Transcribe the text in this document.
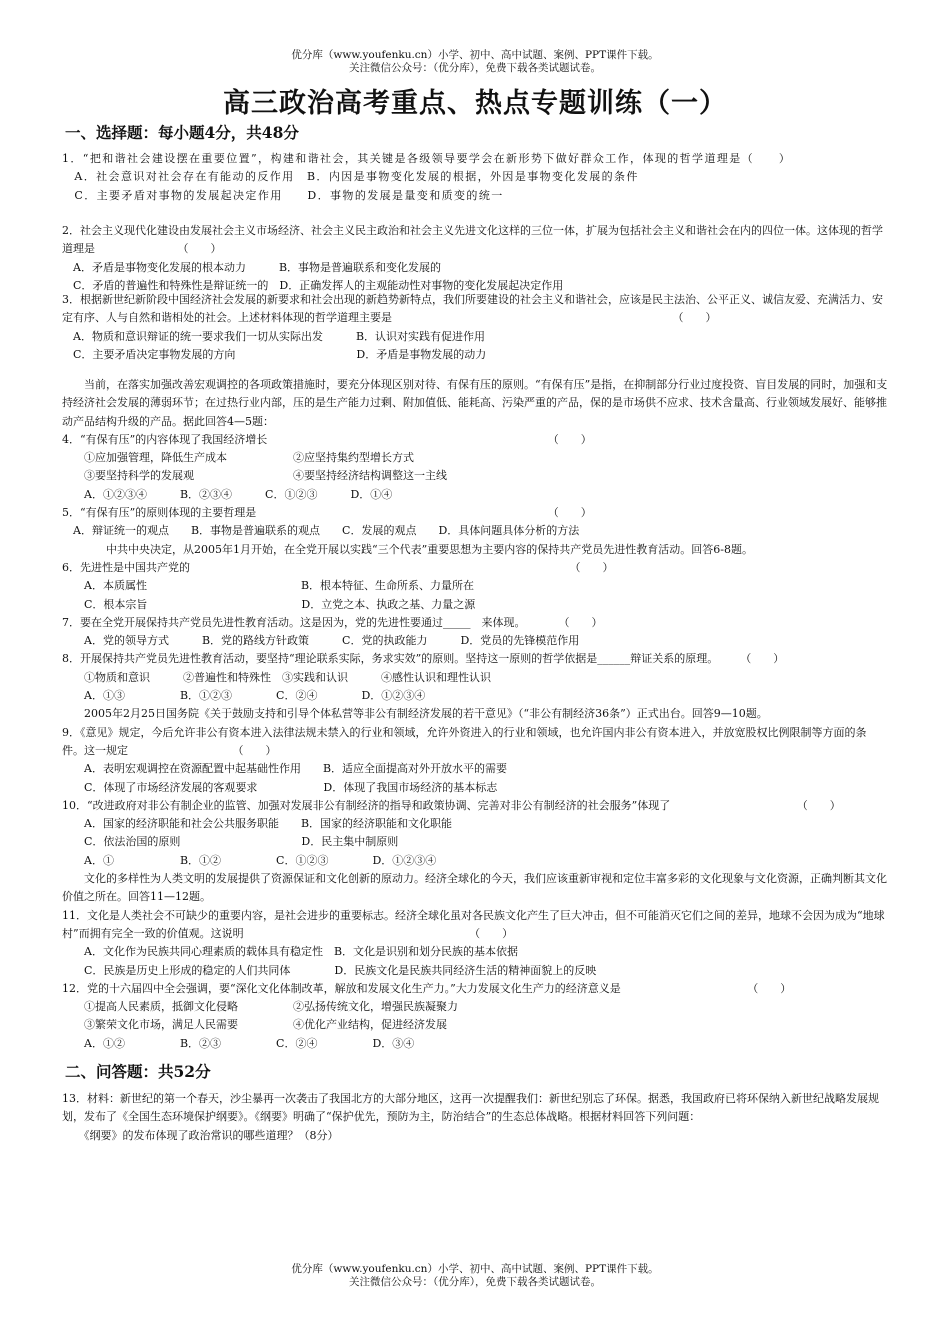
优分库（www.youfenku.cn）小学、初中、高中试题、案例、PPT课件下载。
关注微信公众号：（优分库），免费下载各类试题试卷。
高三政治高考重点、热点专题训练（一）
一、选择题：每小题4分，共48分
1．“把和谐社会建设摆在重要位置”，构建和谐社会，其关键是各级领导要学会在新形势下做好群众工作，体现的哲学道理是（　　）
　A．社会意识对社会存在有能动的反作用　B．内因是事物变化发展的根据，外因是事物变化发展的条件
　C．主要矛盾对事物的发展起决定作用　　D．事物的发展是量变和质变的统一
2．社会主义现代化建设由发展社会主义市场经济、社会主义民主政治和社会主义先进文化这样的三位一体，扩展为包括社会主义和谐社会在内的四位一体。这体现的哲学道理是　　　　　　　　（　　）
　A．矛盾是事物变化发展的根本动力　　　B．事物是普遍联系和变化发展的
　C．矛盾的普遍性和特殊性是辩证统一的　D．正确发挥人的主观能动性对事物的变化发展起决定作用
3．根据新世纪新阶段中国经济社会发展的新要求和社会出现的新趋势新特点，我们所要建设的社会主义和谐社会，应该是民主法治、公平正义、诚信友爱、充满活力、安定有序、人与自然和谐相处的社会。上述材料体现的哲学道理主要是　　　　　　　　　　　　　　　　　　　　　　　　　　（　　）
　A．物质和意识辩证的统一要求我们一切从实际出发　　　B．认识对实践有促进作用
　C．主要矛盾决定事物发展的方向　　　　　　　　　　　D．矛盾是事物发展的动力
　　当前，在落实加强改善宏观调控的各项政策措施时，要充分体现区别对待、有保有压的原则。“有保有压”是指，在抑制部分行业过度投资、盲目发展的同时，加强和支持经济社会发展的薄弱环节；在过热行业内部，压的是生产能力过剩、附加值低、能耗高、污染严重的产品，保的是市场供不应求、技术含量高、行业领域发展好、能够推动产品结构升级的产品。据此回答4—5题：
4．“有保有压”的内容体现了我国经济增长　　　　　　　　　　　　　　　　　　　　　　　　　　（　　）
　　①应加强管理，降低生产成本　　　　　　②应坚持集约型增长方式
　　③要坚持科学的发展观　　　　　　　　　④要坚持经济结构调整这一主线
　　A．①②③④　　　B．②③④　　　C．①②③　　　D．①④
5．“有保有压”的原则体现的主要哲理是　　　　　　　　　　　　　　　　　　　　　　　　　　　（　　）
　A．辩证统一的观点　　B．事物是普遍联系的观点　　C．发展的观点　　D．具体问题具体分析的方法
　　　　中共中央决定，从2005年1月开始，在全党开展以实践“三个代表”重要思想为主要内容的保持共产党员先进性教育活动。回答6-8题。
6．先进性是中国共产党的　　　　　　　　　　　　　　　　　　　　　　　　　　　　　　　　　　　（　　）
　　A．本质属性　　　　　　　　　　　　　　B．根本特征、生命所系、力量所在
　　C．根本宗旨　　　　　　　　　　　　　　D．立党之本、执政之基、力量之源
7．要在全党开展保持共产党员先进性教育活动。这是因为，党的先进性要通过_____　来体现。　　　　（　　）
　　A．党的领导方式　　　B．党的路线方针政策　　　C．党的执政能力　　　D．党员的先锋模范作用
8．开展保持共产党员先进性教育活动，要坚持“理论联系实际，务求实效”的原则。坚持这一原则的哲学依据是______辩证关系的原理。　　　（　　）
　　①物质和意识　　　②普遍性和特殊性　③实践和认识　　　④感性认识和理性认识
　　A．①③　　　　　B．①②③　　　　C．②④　　　　D．①②③④
　　2005年2月25日国务院《关于鼓励支持和引导个体私营等非公有制经济发展的若干意见》（“非公有制经济36条”）正式出台。回答9—10题。
9．《意见》规定，今后允许非公有资本进入法律法规未禁入的行业和领域，允许外资进入的行业和领域，也允许国内非公有资本进入，并放宽股权比例限制等方面的条件。这一规定　　　　　　　　　　（　　）
　　A．表明宏观调控在资源配置中起基础性作用　　B．适应全面提高对外开放水平的需要
　　C．体现了市场经济发展的客观要求　　　　　　D．体现了我国市场经济的基本标志
10．“改进政府对非公有制企业的监管、加强对发展非公有制经济的指导和政策协调、完善对非公有制经济的社会服务”体现了　　　　　　　　　　　　（　　）
　　A．国家的经济职能和社会公共服务职能　　B．国家的经济职能和文化职能
　　C．依法治国的原则　　　　　　　　　　　D．民主集中制原则
　　A．①　　　　　　B．①②　　　　　C．①②③　　　　D．①②③④
　　文化的多样性为人类文明的发展提供了资源保证和文化创新的原动力。经济全球化的今天，我们应该重新审视和定位丰富多彩的文化现象与文化资源，正确判断其文化价值之所在。回答11—12题。
11．文化是人类社会不可缺少的重要内容，是社会进步的重要标志。经济全球化虽对各民族文化产生了巨大冲击，但不可能消灭它们之间的差异，地球不会因为成为“地球村”而拥有完全一致的价值观。这说明　　　　　　　　　　　　　　　　　　　　　（　　）
　　A．文化作为民族共同心理素质的载体具有稳定性　B．文化是识别和划分民族的基本依据
　　C．民族是历史上形成的稳定的人们共同体　　　　D．民族文化是民族共同经济生活的精神面貌上的反映
12．党的十六届四中全会强调，要“深化文化体制改革，解放和发展文化生产力。”大力发展文化生产力的经济意义是　　　　　　　　　　　　（　　）
　　①提高人民素质，抵御文化侵略　　　　　②弘扬传统文化，增强民族凝聚力
　　③繁荣文化市场，满足人民需要　　　　　④优化产业结构，促进经济发展
　　A．①②　　　　　B．②③　　　　　C．②④　　　　　D．③④
二、问答题：共52分
13．材料：新世纪的第一个春天，沙尘暴再一次袭击了我国北方的大部分地区，这再一次提醒我们：新世纪别忘了环保。据悉，我国政府已将环保纳入新世纪战略发展规划，发布了《全国生态环境保护纲要》。《纲要》明确了“保护优先，预防为主，防治结合”的生态总体战略。根据材料回答下列问题：
　　《纲要》的发布体现了政治常识的哪些道理？（8分）
优分库（www.youfenku.cn）小学、初中、高中试题、案例、PPT课件下载。
关注微信公众号：（优分库），免费下载各类试题试卷。
